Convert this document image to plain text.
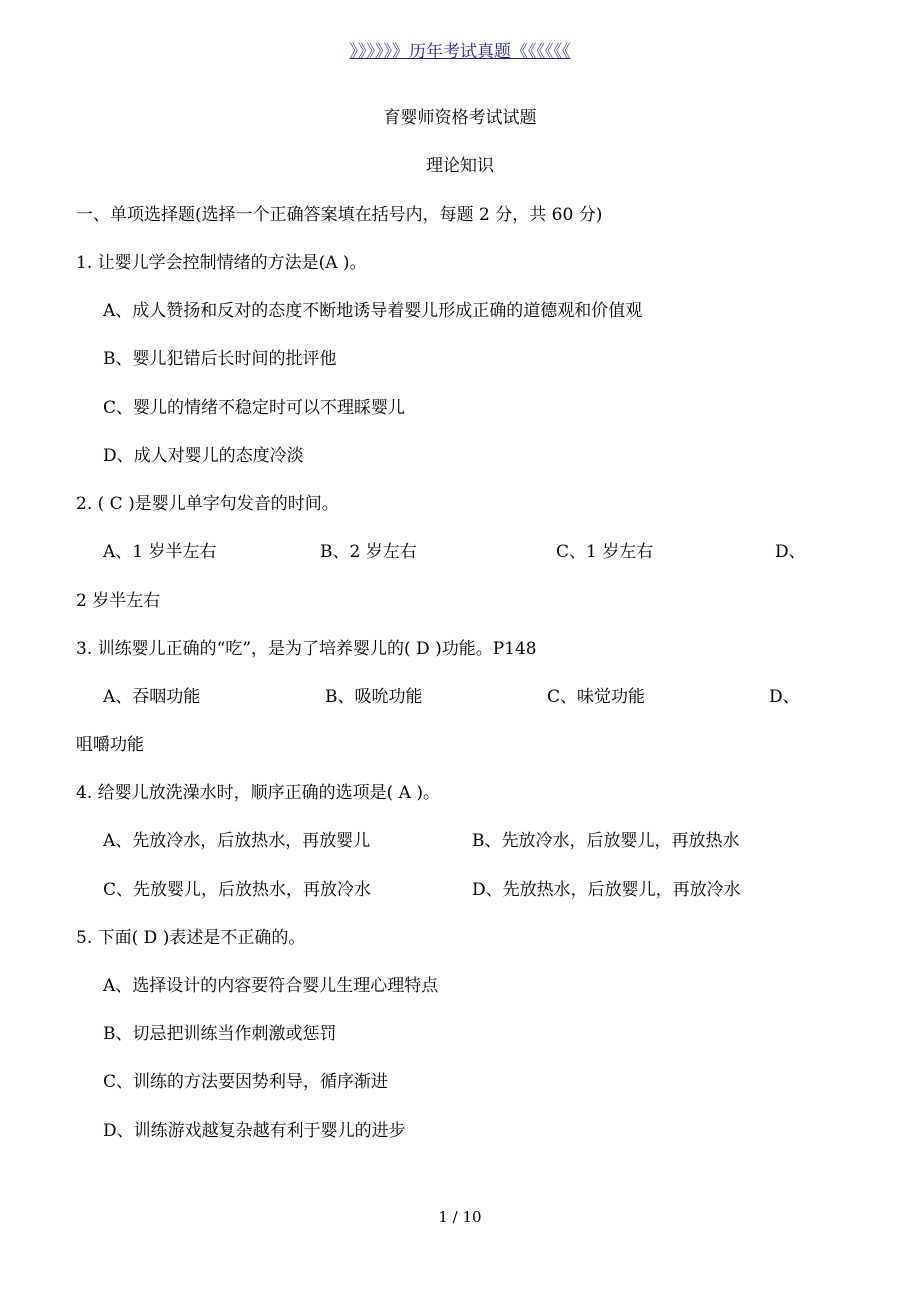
》》》》》》历年考试真题《《《《《《
育婴师资格考试试题
理论知识
一、单项选择题(选择一个正确答案填在括号内，每题 2 分，共 60 分)
1. 让婴儿学会控制情绪的方法是(A )。
A、成人赞扬和反对的态度不断地诱导着婴儿形成正确的道德观和价值观
B、婴儿犯错后长时间的批评他
C、婴儿的情绪不稳定时可以不理睬婴儿
D、成人对婴儿的态度冷淡
2. ( C )是婴儿单字句发音的时间。
A、1 岁半左右	B、2 岁左右	C、1 岁左右	D、
2 岁半左右
3. 训练婴儿正确的“吃”，是为了培养婴儿的( D )功能。P148
A、吞咽功能	B、吸吮功能	C、味觉功能	D、
咀嚼功能
4. 给婴儿放洗澡水时，顺序正确的选项是( A )。
A、先放冷水，后放热水，再放婴儿	B、先放冷水，后放婴儿，再放热水
C、先放婴儿，后放热水，再放冷水	D、先放热水，后放婴儿，再放冷水
5. 下面( D )表述是不正确的。
A、选择设计的内容要符合婴儿生理心理特点
B、切忌把训练当作刺激或惩罚
C、训练的方法要因势利导，循序渐进
D、训练游戏越复杂越有利于婴儿的进步
1 / 10
